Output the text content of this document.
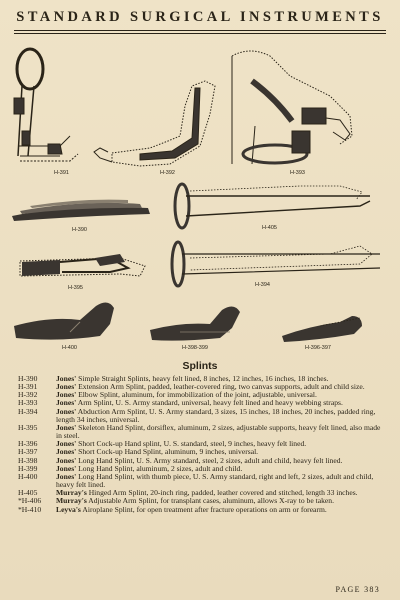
STANDARD SURGICAL INSTRUMENTS
H-391	H-392	H-393
H-390	H-405
H-395	H-394
H-400	H-398-399	H-396-397
Splints
H-390	Jones' Simple Straight Splints, heavy felt lined, 8 inches, 12 inches, 16 inches, 18 inches.
H-391	Jones' Extension Arm Splint, padded, leather-covered ring, two canvas supports, adult and child size.
H-392	Jones' Elbow Splint, aluminum, for immobilization of the joint, adjustable, universal.
H-393	Jones' Arm Splint, U. S. Army standard, universal, heavy felt lined and heavy webbing straps.
H-394	Jones' Abduction Arm Splint, U. S. Army standard, 3 sizes, 15 inches, 18 inches, 20 inches, padded ring, length 34 inches, universal.
H-395	Jones' Skeleton Hand Splint, dorsiflex, aluminum, 2 sizes, adjustable supports, heavy felt lined, also made in steel.
H-396	Jones' Short Cock-up Hand splint, U. S. standard, steel, 9 inches, heavy felt lined.
H-397	Jones' Short Cock-up Hand Splint, aluminum, 9 inches, universal.
H-398	Jones' Long Hand Splint, U. S. Army standard, steel, 2 sizes, adult and child, heavy felt lined.
H-399	Jones' Long Hand Splint, aluminum, 2 sizes, adult and child.
H-400	Jones' Long Hand Splint, with thumb piece, U. S. Army standard, right and left, 2 sizes, adult and child, heavy felt lined.
H-405	Murray's Hinged Arm Splint, 20-inch ring, padded, leather covered and stitched, length 33 inches.
*H-406	Murray's Adjustable Arm Splint, for transplant cases, aluminum, allows X-ray to be taken.
*H-410	Leyva's Airoplane Splint, for open treatment after fracture operations on arm or forearm.
PAGE 383
